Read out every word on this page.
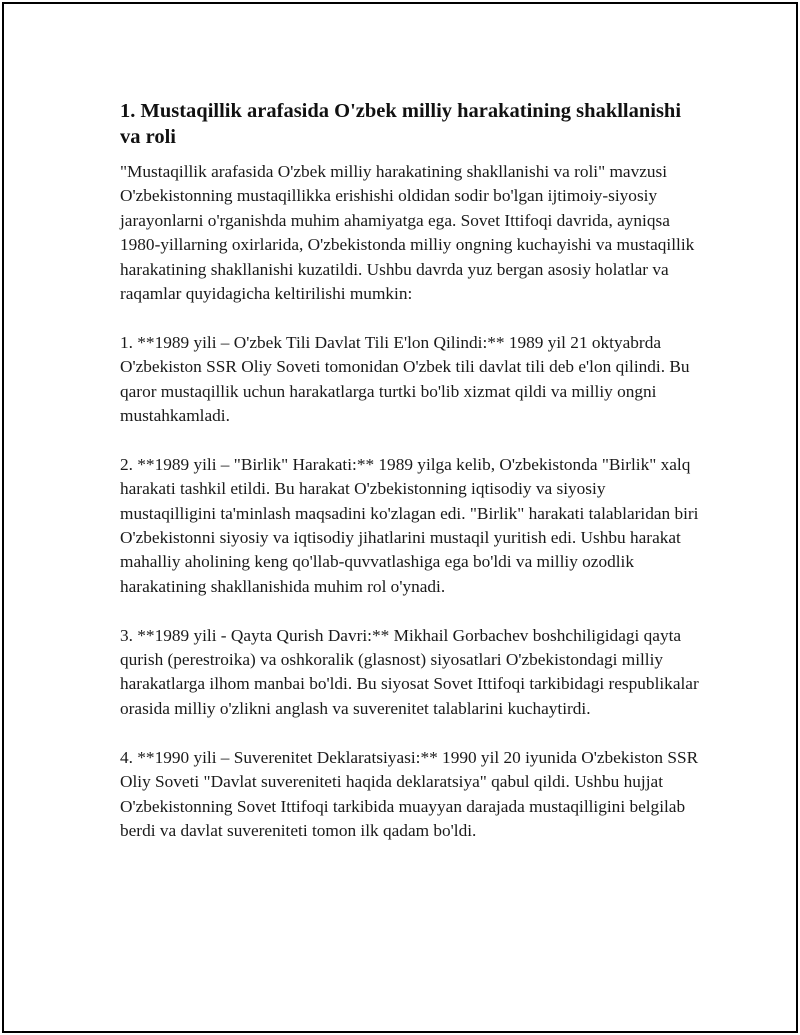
1. Mustaqillik arafasida O'zbek milliy harakatining shakllanishi va roli

"Mustaqillik arafasida O'zbek milliy harakatining shakllanishi va roli" mavzusi O'zbekistonning mustaqillikka erishishi oldidan sodir bo'lgan ijtimoiy-siyosiy jarayonlarni o'rganishda muhim ahamiyatga ega. Sovet Ittifoqi davrida, ayniqsa 1980-yillarning oxirlarida, O'zbekistonda milliy ongning kuchayishi va mustaqillik harakatining shakllanishi kuzatildi. Ushbu davrda yuz bergan asosiy holatlar va raqamlar quyidagicha keltirilishi mumkin:

1. **1989 yili – O'zbek Tili Davlat Tili E'lon Qilindi:** 1989 yil 21 oktyabrda O'zbekiston SSR Oliy Soveti tomonidan O'zbek tili davlat tili deb e'lon qilindi. Bu qaror mustaqillik uchun harakatlarga turtki bo'lib xizmat qildi va milliy ongni mustahkamladi.

2. **1989 yili – "Birlik" Harakati:** 1989 yilga kelib, O'zbekistonda "Birlik" xalq harakati tashkil etildi. Bu harakat O'zbekistonning iqtisodiy va siyosiy mustaqilligini ta'minlash maqsadini ko'zlagan edi. "Birlik" harakati talablaridan biri O'zbekistonni siyosiy va iqtisodiy jihatlarini mustaqil yuritish edi. Ushbu harakat mahalliy aholining keng qo'llab-quvvatlashiga ega bo'ldi va milliy ozodlik harakatining shakllanishida muhim rol o'ynadi.

3. **1989 yili - Qayta Qurish Davri:** Mikhail Gorbachev boshchiligidagi qayta qurish (perestroika) va oshkoralik (glasnost) siyosatlari O'zbekistondagi milliy harakatlarga ilhom manbai bo'ldi. Bu siyosat Sovet Ittifoqi tarkibidagi respublikalar orasida milliy o'zlikni anglash va suverenitet talablarini kuchaytirdi.

4. **1990 yili – Suverenitet Deklaratsiyasi:** 1990 yil 20 iyunida O'zbekiston SSR Oliy Soveti "Davlat suvereniteti haqida deklaratsiya" qabul qildi. Ushbu hujjat O'zbekistonning Sovet Ittifoqi tarkibida muayyan darajada mustaqilligini belgilab berdi va davlat suvereniteti tomon ilk qadam bo'ldi.
